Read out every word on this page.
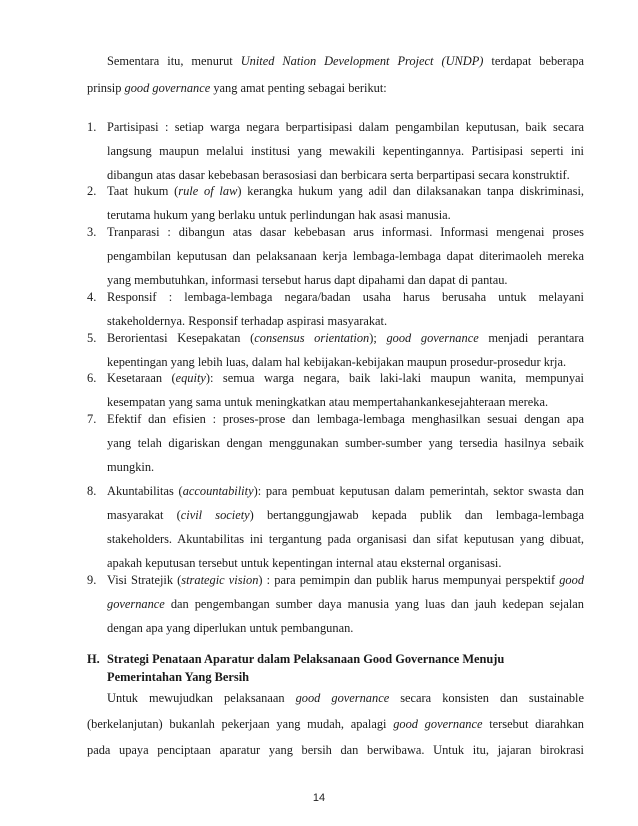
Sementara itu, menurut United Nation Development Project (UNDP) terdapat beberapa
prinsip good governance yang amat penting sebagai berikut:
1. Partisipasi : setiap warga negara berpartisipasi dalam pengambilan keputusan, baik secara
langsung maupun melalui institusi yang mewakili kepentingannya. Partisipasi seperti ini
dibangun atas dasar kebebasan berasosiasi dan berbicara serta berpartipasi secara konstruktif.
2. Taat hukum (rule of law) kerangka hukum yang adil dan dilaksanakan tanpa diskriminasi,
terutama hukum yang berlaku untuk perlindungan hak asasi manusia.
3. Tranparasi : dibangun atas dasar kebebasan arus informasi. Informasi mengenai proses
pengambilan keputusan dan pelaksanaan kerja lembaga-lembaga dapat diterimaoleh mereka
yang membutuhkan, informasi tersebut harus dapt dipahami dan dapat di pantau.
4. Responsif : lembaga-lembaga negara/badan usaha harus berusaha untuk melayani
stakeholdernya. Responsif terhadap aspirasi masyarakat.
5. Berorientasi Kesepakatan (consensus orientation); good governance menjadi perantara
kepentingan yang lebih luas, dalam hal kebijakan-kebijakan maupun prosedur-prosedur krja.
6. Kesetaraan (equity): semua warga negara, baik laki-laki maupun wanita, mempunyai
kesempatan yang sama untuk meningkatkan atau mempertahankankesejahteraan mereka.
7. Efektif dan efisien : proses-prose dan lembaga-lembaga menghasilkan sesuai dengan apa
yang telah digariskan dengan menggunakan sumber-sumber yang tersedia hasilnya sebaik
mungkin.
8. Akuntabilitas (accountability): para pembuat keputusan dalam pemerintah, sektor swasta dan
masyarakat (civil society) bertanggungjawab kepada publik dan lembaga-lembaga
stakeholders. Akuntabilitas ini tergantung pada organisasi dan sifat keputusan yang dibuat,
apakah keputusan tersebut untuk kepentingan internal atau eksternal organisasi.
9. Visi Stratejik (strategic vision) : para pemimpin dan publik harus mempunyai perspektif good
governance dan pengembangan sumber daya manusia yang luas dan jauh kedepan sejalan
dengan apa yang diperlukan untuk pembangunan.
H. Strategi Penataan Aparatur dalam Pelaksanaan Good Governance Menuju
Pemerintahan Yang Bersih
Untuk mewujudkan pelaksanaan good governance secara konsisten dan sustainable
(berkelanjutan) bukanlah pekerjaan yang mudah, apalagi good governance tersebut diarahkan
pada upaya penciptaan aparatur yang bersih dan berwibawa. Untuk itu, jajaran birokrasi
14
